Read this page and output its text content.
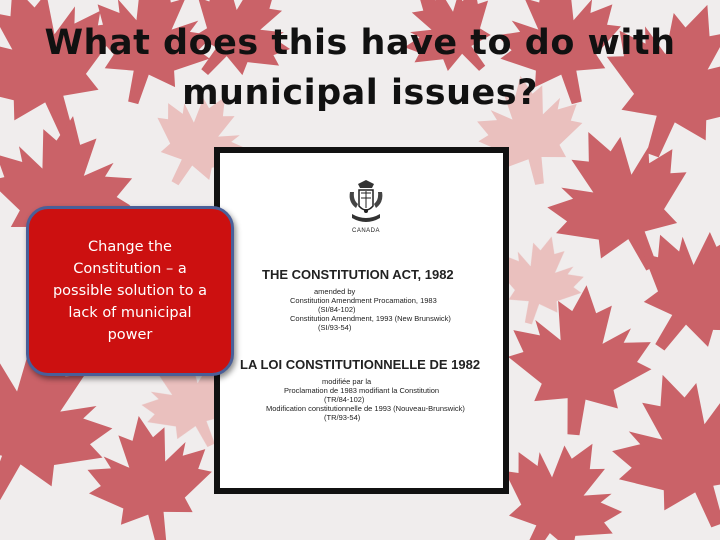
What does this have to do with
municipal issues?
CANADA
THE CONSTITUTION ACT, 1982
amended by
Constitution Amendment Procamation, 1983
(SI/84-102)
Constitution Amendment, 1993 (New Brunswick)
(SI/93-54)
LA LOI CONSTITUTIONNELLE DE 1982
modifiée par la
Proclamation de 1983 modifiant la Constitution
(TR/84-102)
Modification constitutionnelle de 1993 (Nouveau-Brunswick)
(TR/93-54)
Change the Constitution – a possible solution to a lack of municipal power
